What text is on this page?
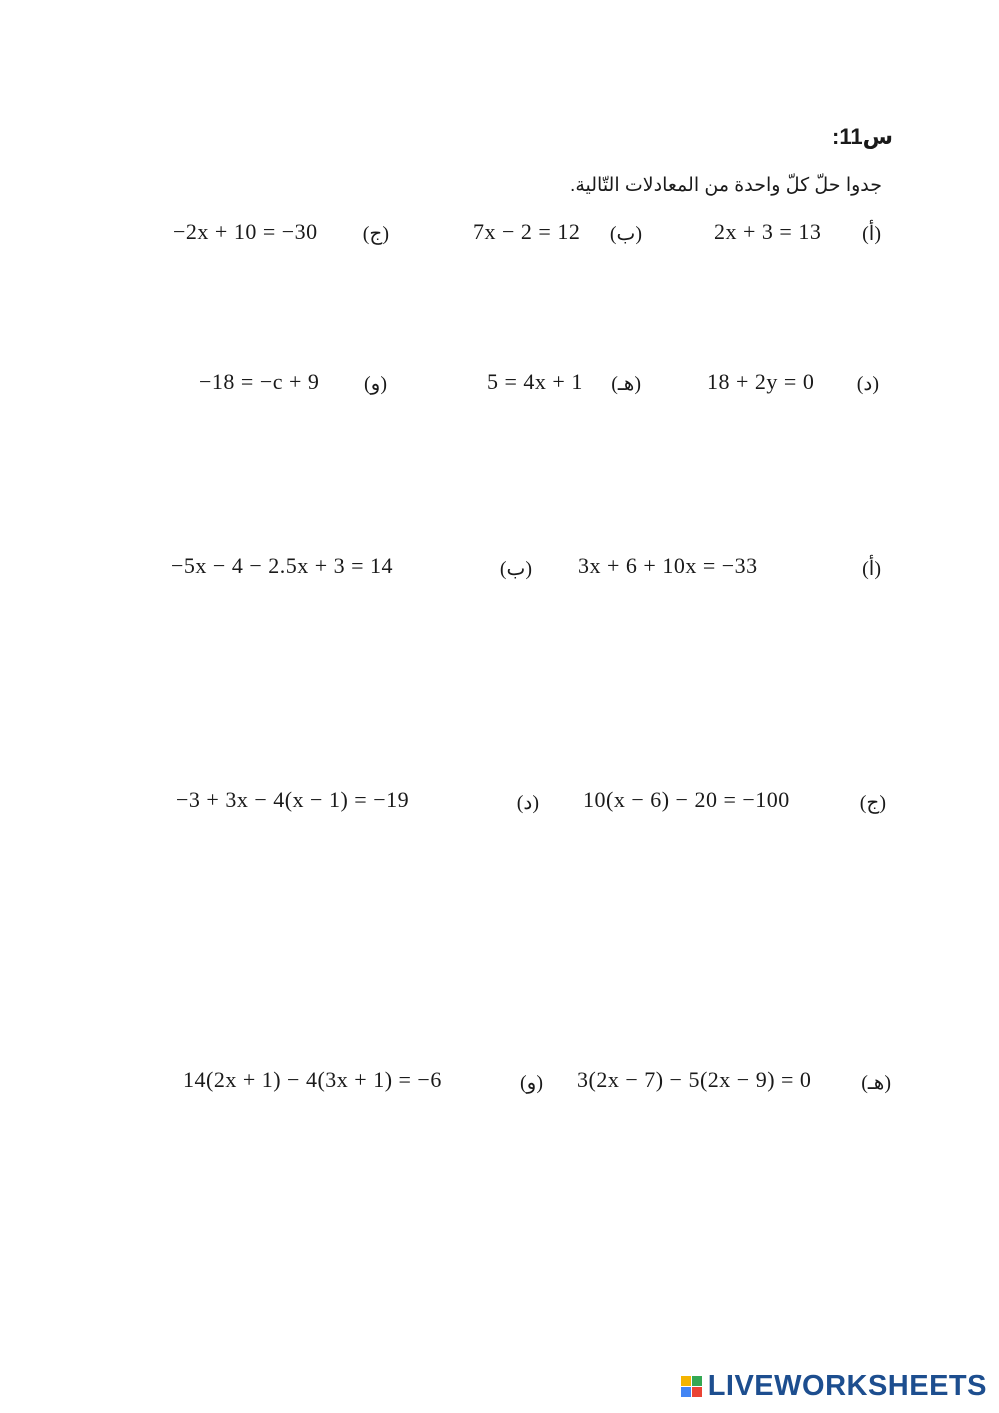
س11:
جدوا حلّ كلّ واحدة من المعادلات التّالية.
(أ)
2x + 3 = 13
(ب)
7x − 2 = 12
(ج)
−2x + 10 = −30
(د)
18 + 2y = 0
(هـ)
5 = 4x + 1
(و)
−18 = −c + 9
(أ)
3x + 6 + 10x = −33
(ب)
−5x − 4 − 2.5x + 3 = 14
(ج)
10(x − 6) − 20 = −100
(د)
−3 + 3x − 4(x − 1) = −19
(هـ)
3(2x − 7) − 5(2x − 9) = 0
(و)
14(2x + 1) − 4(3x + 1) = −6
LIVEWORKSHEETS
